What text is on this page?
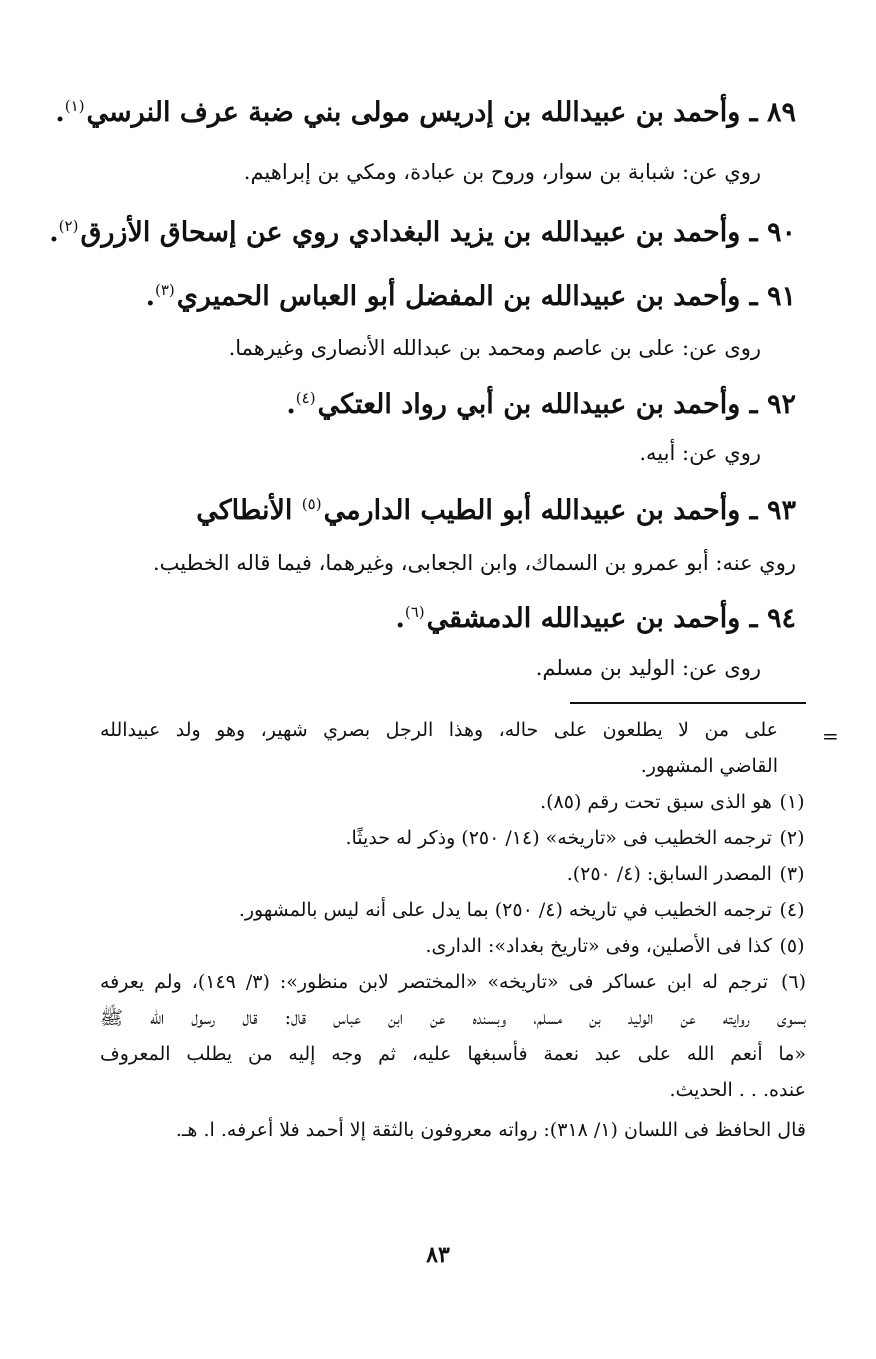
٨٩ ـ وأحمد بن عبيدالله بن إدريس مولى بني ضبة عرف النرسي$^{(١)}$.
روي عن: شبابة بن سوار، وروح بن عبادة، ومكي بن إبراهيم.
٩٠ ـ وأحمد بن عبيدالله بن يزيد البغدادي روي عن إسحاق الأزرق$^{(٢)}$.
٩١ ـ وأحمد بن عبيدالله بن المفضل أبو العباس الحميري$^{(٣)}$.
روى عن: على بن عاصم ومحمد بن عبدالله الأنصارى وغيرهما.
٩٢ ـ وأحمد بن عبيدالله بن أبي رواد العتكي$^{(٤)}$.
روي عن: أبيه.
٩٣ ـ وأحمد بن عبيدالله أبو الطيب الدارمي$^{(٥)}$ الأنطاكي
روي عنه: أبو عمرو بن السماك، وابن الجعابى، وغيرهما، فيما قاله الخطيب.
٩٤ ـ وأحمد بن عبيدالله الدمشقي$^{(٦)}$.
روى عن: الوليد بن مسلم.
=
على من لا يطلعون على حاله، وهذا الرجل بصري شهير، وهو ولد عبيدالله
القاضي المشهور.
(١) هو الذى سبق تحت رقم (٨٥).
(٢) ترجمه الخطيب فى «تاريخه» (١٤/ ٢٥٠) وذكر له حديثًا.
(٣) المصدر السابق: (٤/ ٢٥٠).
(٤) ترجمه الخطيب في تاريخه (٤/ ٢٥٠) بما يدل على أنه ليس بالمشهور.
(٥) كذا فى الأصلين، وفى «تاريخ بغداد»: الدارى.
(٦) ترجم له ابن عساكر فى «تاريخه» «المختصر لابن منظور»: (٣/ ١٤٩)، ولم يعرفه
بسوى روايته عن الوليد بن مسلم، وبسنده عن ابن عباس قال: قال رسول الله ﷺ
«ما أنعم الله على عبد نعمة فأسبغها عليه، ثم وجه إليه من يطلب المعروف
عنده. . . الحديث.
قال الحافظ فى اللسان (١/ ٣١٨): رواته معروفون بالثقة إلا أحمد فلا أعرفه. ا. هـ.
٨٣
